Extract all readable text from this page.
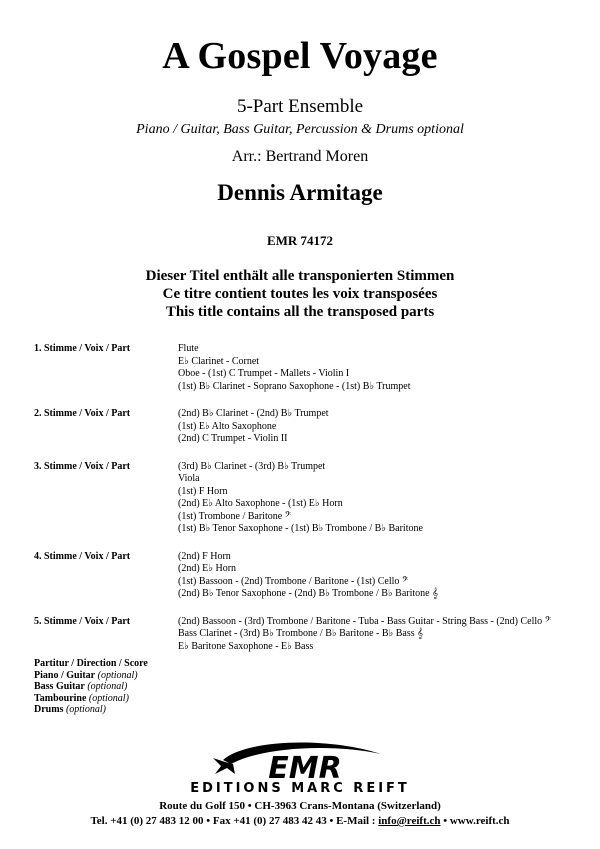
A Gospel Voyage
5-Part Ensemble
Piano / Guitar, Bass Guitar, Percussion & Drums optional
Arr.: Bertrand Moren
Dennis Armitage
EMR 74172
Dieser Titel enthält alle transponierten Stimmen
Ce titre contient toutes les voix transposées
This title contains all the transposed parts
1. Stimme / Voix / Part	Flute
E♭ Clarinet - Cornet
Oboe - (1st) C Trumpet - Mallets - Violin I
(1st) B♭ Clarinet - Soprano Saxophone - (1st) B♭ Trumpet
2. Stimme / Voix / Part	(2nd) B♭ Clarinet - (2nd) B♭ Trumpet
(1st) E♭ Alto Saxophone
(2nd) C Trumpet - Violin II
3. Stimme / Voix / Part	(3rd) B♭ Clarinet - (3rd) B♭ Trumpet
Viola
(1st) F Horn
(2nd) E♭ Alto Saxophone - (1st) E♭ Horn
(1st) Trombone / Baritone 𝄢
(1st) B♭ Tenor Saxophone - (1st) B♭ Trombone / B♭ Baritone
4. Stimme / Voix / Part	(2nd) F Horn
(2nd) E♭ Horn
(1st) Bassoon - (2nd) Trombone / Baritone - (1st) Cello 𝄢
(2nd) B♭ Tenor Saxophone - (2nd) B♭ Trombone / B♭ Baritone 𝄞
5. Stimme / Voix / Part	(2nd) Bassoon - (3rd) Trombone / Baritone - Tuba - Bass Guitar - String Bass - (2nd) Cello 𝄢
Bass Clarinet - (3rd) B♭ Trombone / B♭ Baritone - B♭ Bass 𝄞
E♭ Baritone Saxophone - E♭ Bass
Partitur / Direction / Score
Piano / Guitar (optional)
Bass Guitar (optional)
Tambourine (optional)
Drums (optional)
EMR
EDITIONS MARC REIFT
Route du Golf 150 • CH-3963 Crans-Montana (Switzerland)
Tel. +41 (0) 27 483 12 00 • Fax +41 (0) 27 483 42 43 • E-Mail : info@reift.ch • www.reift.ch
